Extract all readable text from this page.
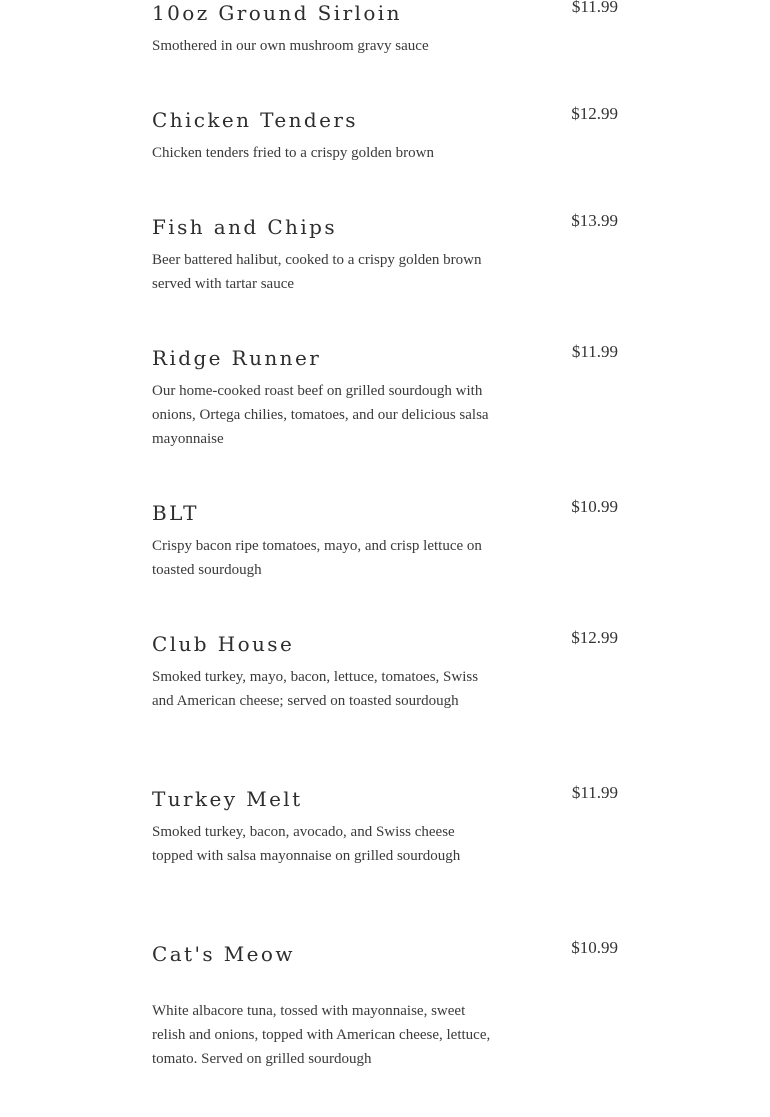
10oz Ground Sirloin	$11.99

Smothered in our own mushroom gravy sauce

Chicken Tenders	$12.99

Chicken tenders fried to a crispy golden brown

Fish and Chips	$13.99

Beer battered halibut, cooked to a crispy golden brown served with tartar sauce

Ridge Runner	$11.99

Our home-cooked roast beef on grilled sourdough with onions, Ortega chilies, tomatoes, and our delicious salsa mayonnaise

BLT	$10.99

Crispy bacon ripe tomatoes, mayo, and crisp lettuce on toasted sourdough

Club House	$12.99

Smoked turkey, mayo, bacon, lettuce, tomatoes, Swiss and American cheese; served on toasted sourdough

Turkey Melt	$11.99

Smoked turkey, bacon, avocado, and Swiss cheese topped with salsa mayonnaise on grilled sourdough

Cat's Meow	$10.99

White albacore tuna, tossed with mayonnaise, sweet relish and onions, topped with American cheese, lettuce, tomato. Served on grilled sourdough
